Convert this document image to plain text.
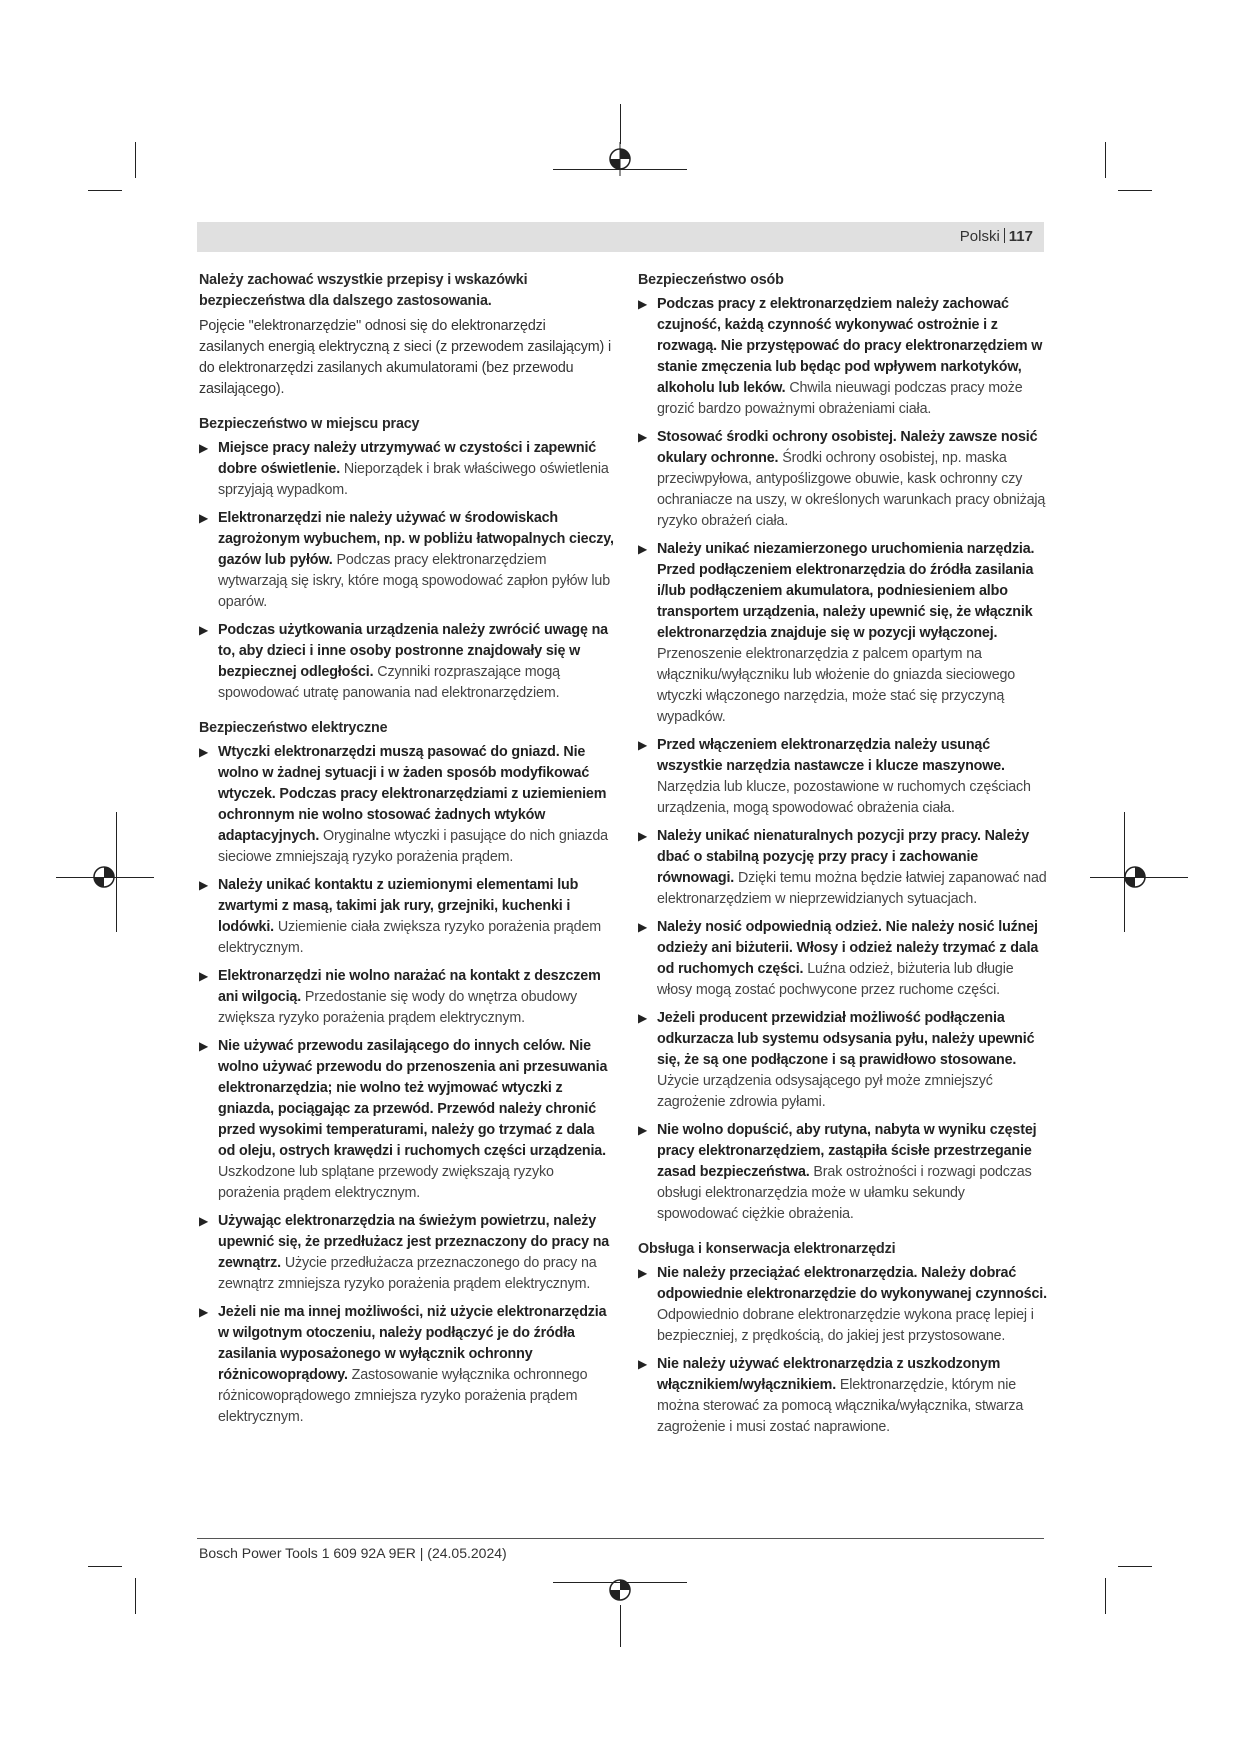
Polski 117

Należy zachować wszystkie przepisy i wskazówki bezpieczeństwa dla dalszego zastosowania.

Pojęcie "elektronarzędzie" odnosi się do elektronarzędzi zasilanych energią elektryczną z sieci (z przewodem zasilającym) i do elektronarzędzi zasilanych akumulatorami (bez przewodu zasilającego).

Bezpieczeństwo w miejscu pracy
▶ Miejsce pracy należy utrzymywać w czystości i zapewnić dobre oświetlenie. Nieporządek i brak właściwego oświetlenia sprzyjają wypadkom.
▶ Elektronarzędzi nie należy używać w środowiskach zagrożonym wybuchem, np. w pobliżu łatwopalnych cieczy, gazów lub pyłów. Podczas pracy elektronarzędziem wytwarzają się iskry, które mogą spowodować zapłon pyłów lub oparów.
▶ Podczas użytkowania urządzenia należy zwrócić uwagę na to, aby dzieci i inne osoby postronne znajdowały się w bezpiecznej odległości. Czynniki rozpraszające mogą spowodować utratę panowania nad elektronarzędziem.
Bezpieczeństwo elektryczne
▶ Wtyczki elektronarzędzi muszą pasować do gniazd. Nie wolno w żadnej sytuacji i w żaden sposób modyfikować wtyczek. Podczas pracy elektronarzędziami z uziemieniem ochronnym nie wolno stosować żadnych wtyków adaptacyjnych. Oryginalne wtyczki i pasujące do nich gniazda sieciowe zmniejszają ryzyko porażenia prądem.
▶ Należy unikać kontaktu z uziemionymi elementami lub zwartymi z masą, takimi jak rury, grzejniki, kuchenki i lodówki. Uziemienie ciała zwiększa ryzyko porażenia prądem elektrycznym.
▶ Elektronarzędzi nie wolno narażać na kontakt z deszczem ani wilgocią. Przedostanie się wody do wnętrza obudowy zwiększa ryzyko porażenia prądem elektrycznym.
▶ Nie używać przewodu zasilającego do innych celów. Nie wolno używać przewodu do przenoszenia ani przesuwania elektronarzędzia; nie wolno też wyjmować wtyczki z gniazda, pociągając za przewód. Przewód należy chronić przed wysokimi temperaturami, należy go trzymać z dala od oleju, ostrych krawędzi i ruchomych części urządzenia. Uszkodzone lub splątane przewody zwiększają ryzyko porażenia prądem elektrycznym.
▶ Używając elektronarzędzia na świeżym powietrzu, należy upewnić się, że przedłużacz jest przeznaczony do pracy na zewnątrz. Użycie przedłużacza przeznaczonego do pracy na zewnątrz zmniejsza ryzyko porażenia prądem elektrycznym.
▶ Jeżeli nie ma innej możliwości, niż użycie elektronarzędzia w wilgotnym otoczeniu, należy podłączyć je do źródła zasilania wyposażonego w wyłącznik ochronny różnicowoprądowy. Zastosowanie wyłącznika ochronnego różnicowoprądowego zmniejsza ryzyko porażenia prądem elektrycznym.
Bezpieczeństwo osób
▶ Podczas pracy z elektronarzędziem należy zachować czujność, każdą czynność wykonywać ostrożnie i z rozwagą. Nie przystępować do pracy elektronarzędziem w stanie zmęczenia lub będąc pod wpływem narkotyków, alkoholu lub leków. Chwila nieuwagi podczas pracy może grozić bardzo poważnymi obrażeniami ciała.
▶ Stosować środki ochrony osobistej. Należy zawsze nosić okulary ochronne. Środki ochrony osobistej, np. maska przeciwpyłowa, antypoślizgowe obuwie, kask ochronny czy ochraniacze na uszy, w określonych warunkach pracy obniżają ryzyko obrażeń ciała.
▶ Należy unikać niezamierzonego uruchomienia narzędzia. Przed podłączeniem elektronarzędzia do źródła zasilania i/lub podłączeniem akumulatora, podniesieniem albo transportem urządzenia, należy upewnić się, że włącznik elektronarzędzia znajduje się w pozycji wyłączonej. Przenoszenie elektronarzędzia z palcem opartym na włączniku/wyłączniku lub włożenie do gniazda sieciowego wtyczki włączonego narzędzia, może stać się przyczyną wypadków.
▶ Przed włączeniem elektronarzędzia należy usunąć wszystkie narzędzia nastawcze i klucze maszynowe. Narzędzia lub klucze, pozostawione w ruchomych częściach urządzenia, mogą spowodować obrażenia ciała.
▶ Należy unikać nienaturalnych pozycji przy pracy. Należy dbać o stabilną pozycję przy pracy i zachowanie równowagi. Dzięki temu można będzie łatwiej zapanować nad elektronarzędziem w nieprzewidzianych sytuacjach.
▶ Należy nosić odpowiednią odzież. Nie należy nosić luźnej odzieży ani biżuterii. Włosy i odzież należy trzymać z dala od ruchomych części. Luźna odzież, biżuteria lub długie włosy mogą zostać pochwycone przez ruchome części.
▶ Jeżeli producent przewidział możliwość podłączenia odkurzacza lub systemu odsysania pyłu, należy upewnić się, że są one podłączone i są prawidłowo stosowane. Użycie urządzenia odsysającego pył może zmniejszyć zagrożenie zdrowia pyłami.
▶ Nie wolno dopuścić, aby rutyna, nabyta w wyniku częstej pracy elektronarzędziem, zastąpiła ścisłe przestrzeganie zasad bezpieczeństwa. Brak ostrożności i rozwagi podczas obsługi elektronarzędzia może w ułamku sekundy spowodować ciężkie obrażenia.
Obsługa i konserwacja elektronarzędzi
▶ Nie należy przeciążać elektronarzędzia. Należy dobrać odpowiednie elektronarzędzie do wykonywanej czynności. Odpowiednio dobrane elektronarzędzie wykona pracę lepiej i bezpieczniej, z prędkością, do jakiej jest przystosowane.
▶ Nie należy używać elektronarzędzia z uszkodzonym włącznikiem/wyłącznikiem. Elektronarzędzie, którym nie można sterować za pomocą włącznika/wyłącznika, stwarza zagrożenie i musi zostać naprawione.
Bosch Power Tools 1 609 92A 9ER | (24.05.2024)
